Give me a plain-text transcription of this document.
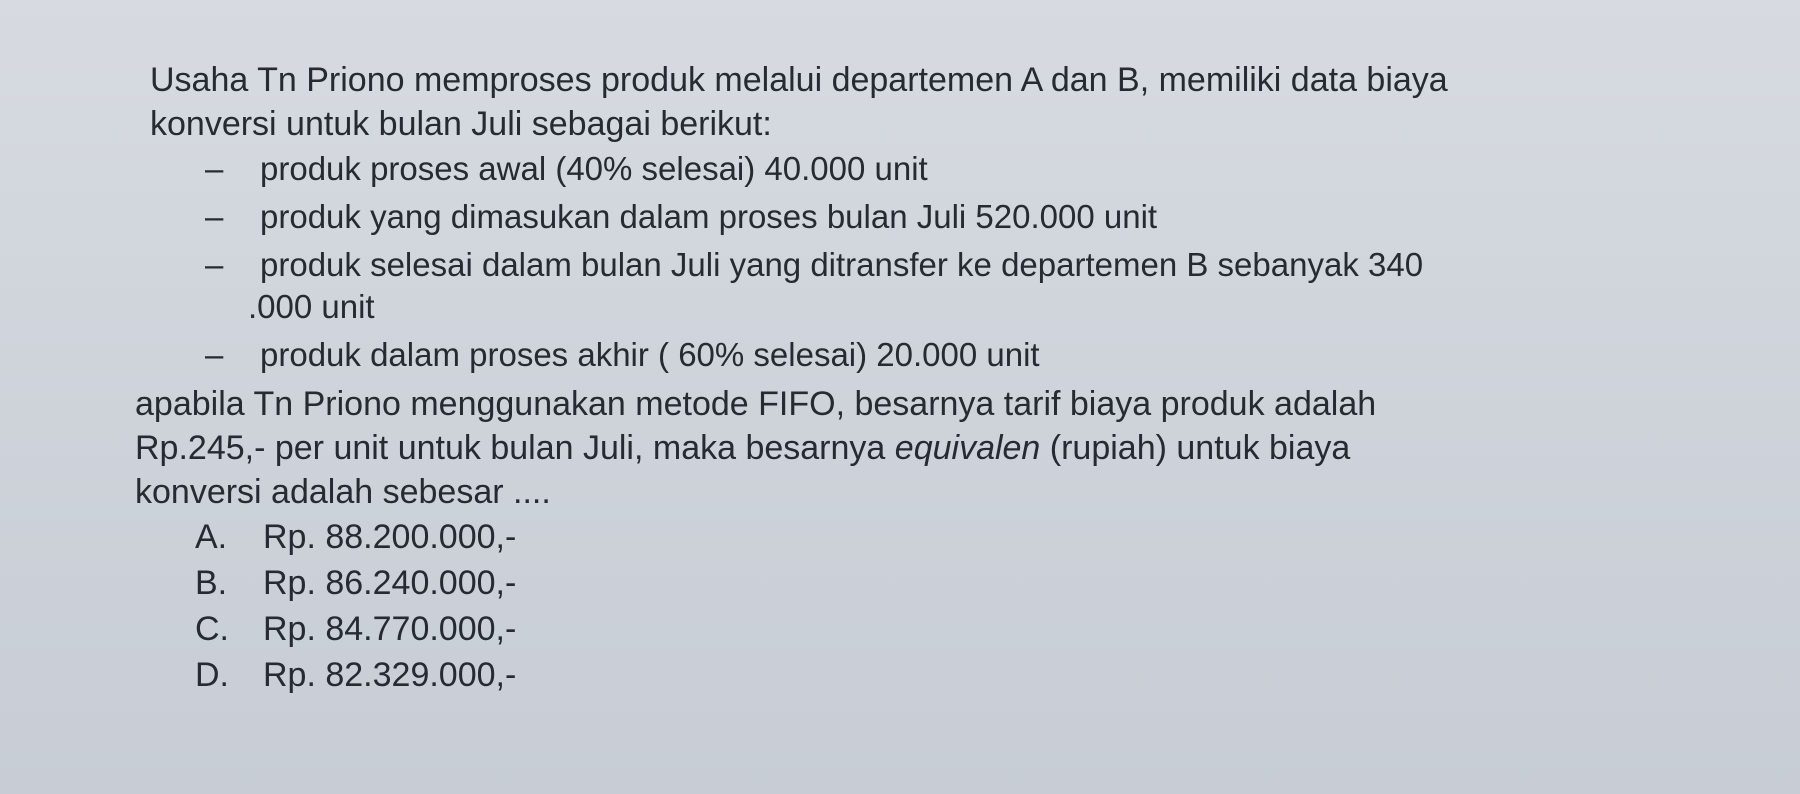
Usaha Tn Priono memproses produk melalui departemen A dan B, memiliki data biaya
konversi untuk bulan Juli sebagai berikut:

– produk proses awal (40% selesai) 40.000 unit
– produk yang dimasukan dalam proses bulan Juli 520.000 unit
– produk selesai dalam bulan Juli yang ditransfer ke departemen B sebanyak 340
.000 unit
– produk dalam proses akhir ( 60% selesai) 20.000 unit

apabila Tn Priono menggunakan metode FIFO, besarnya tarif biaya produk adalah
Rp.245,- per unit untuk bulan Juli, maka besarnya equivalen (rupiah) untuk biaya
konversi adalah sebesar ....

A.	Rp. 88.200.000,-
B.	Rp. 86.240.000,-
C.	Rp. 84.770.000,-
D.	Rp. 82.329.000,-
